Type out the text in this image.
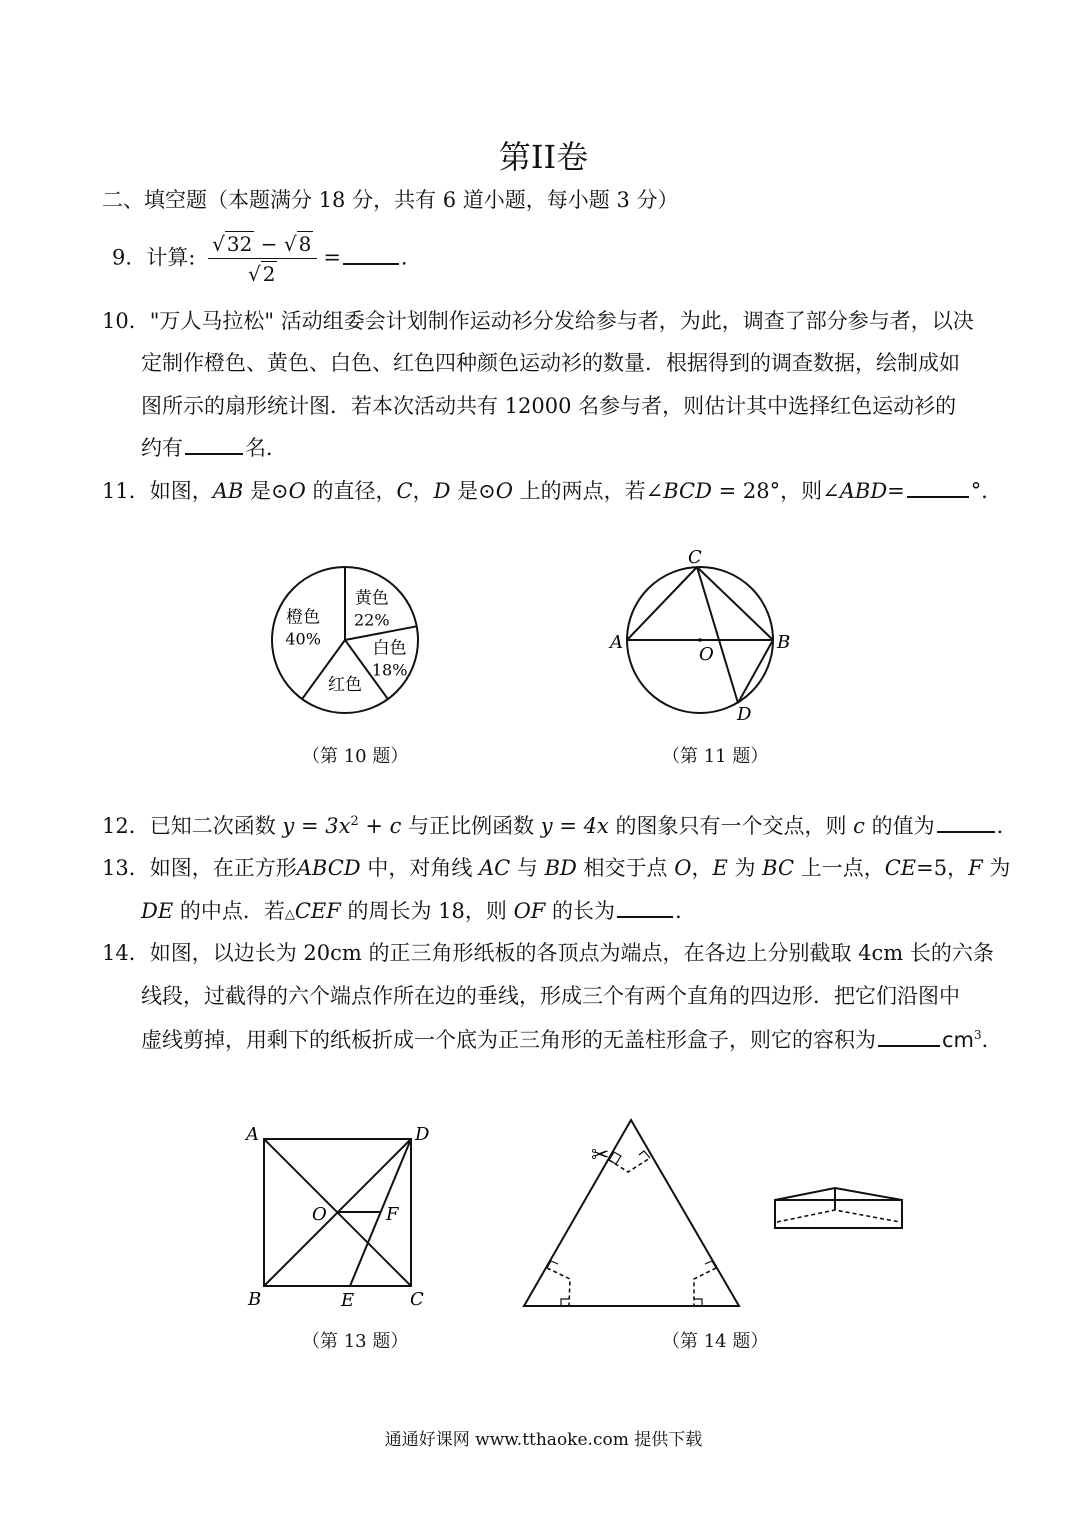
第II卷
二、填空题（本题满分 18 分，共有 6 道小题，每小题 3 分）
9．计算: $\frac{√ 32 - √ 8}{√ 2}$ =	.
10．"万人马拉松" 活动组委会计划制作运动衫分发给参与者，为此，调查了部分参与者，以决
定制作橙色、黄色、白色、红色四种颜色运动衫的数量．根据得到的调查数据，绘制成如
图所示的扇形统计图．若本次活动共有 12000 名参与者，则估计其中选择红色运动衫的
约有	名．
11．如图，AB 是⊙O 的直径，C，D 是⊙O 上的两点，若∠BCD = 28°，则∠ABD=	°．
橙色
40%
黄色
22%
白色
18%
红色
（第 10 题）
A	B
C
D
O
（第 11 题）
12．已知二次函数 $y = 3x^2 + c$ 与正比例函数 y = 4x 的图象只有一个交点，则 c 的值为	．
13．如图，在正方形ABCD 中，对角线 AC 与 BD 相交于点 O，E 为 BC 上一点，CE=5，F 为
DE 的中点．若△CEF 的周长为 18，则 OF 的长为	．
14．如图，以边长为 20cm 的正三角形纸板的各顶点为端点，在各边上分别截取 4cm 长的六条
线段，过截得的六个端点作所在边的垂线，形成三个有两个直角的四边形．把它们沿图中
虚线剪掉，用剩下的纸板折成一个底为正三角形的无盖柱形盒子，则它的容积为	$cm^3$．
A
B	C
D
O
E
F
（第 13 题）
✂
（第 14 题）
通通好课网 www.tthaoke.com 提供下载
